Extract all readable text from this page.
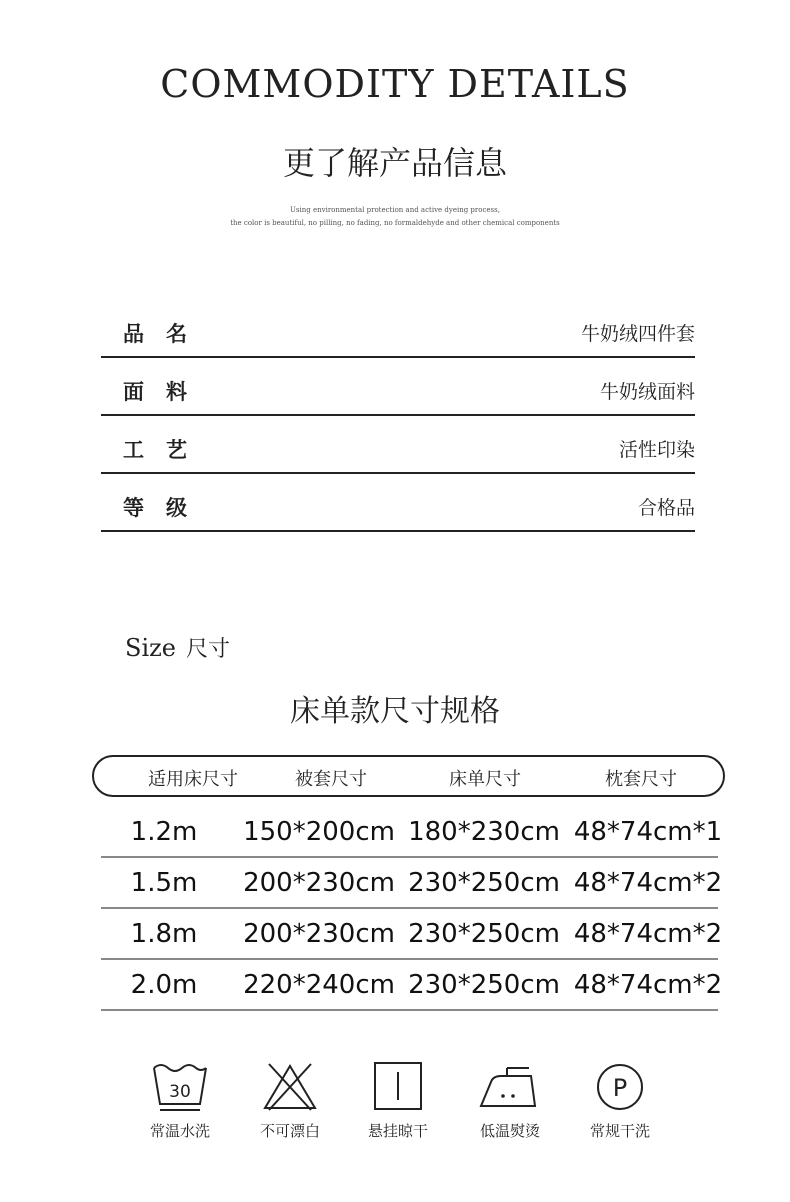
COMMODITY DETAILS
更了解产品信息
Using environmental protection and active dyeing process,
the color is beautiful, no pilling, no fading, no formaldehyde and other chemical components
品名	牛奶绒四件套
面料	牛奶绒面料
工艺	活性印染
等级	合格品
Size 尺寸
床单款尺寸规格
适用床尺寸	被套尺寸	床单尺寸	枕套尺寸
1.2m	150*200cm 180*230cm 48*74cm*1
1.5m	200*230cm 230*250cm 48*74cm*2
1.8m	200*230cm 230*250cm 48*74cm*2
2.0m	220*240cm 230*250cm 48*74cm*2
30
常温水洗	不可漂白	悬挂晾干	低温熨烫
P
常规干洗
